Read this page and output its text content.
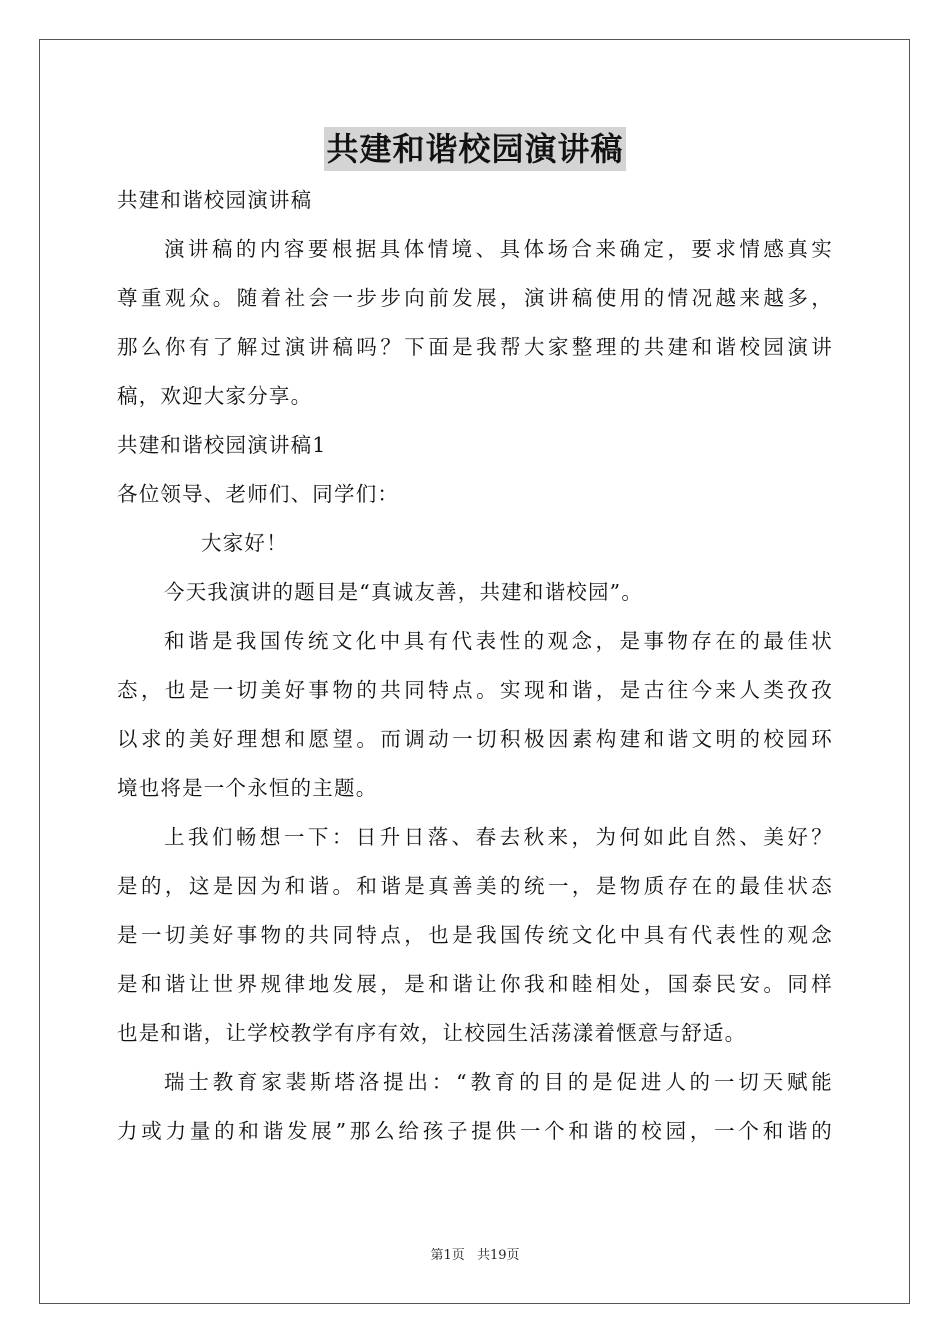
共建和谐校园演讲稿
共建和谐校园演讲稿
演讲稿的内容要根据具体情境、具体场合来确定，要求情感真实
尊重观众。随着社会一步步向前发展，演讲稿使用的情况越来越多，
那么你有了解过演讲稿吗？下面是我帮大家整理的共建和谐校园演讲
稿，欢迎大家分享。
共建和谐校园演讲稿1
各位领导、老师们、同学们：
大家好！
今天我演讲的题目是“真诚友善，共建和谐校园”。
和谐是我国传统文化中具有代表性的观念，是事物存在的最佳状
态，也是一切美好事物的共同特点。实现和谐，是古往今来人类孜孜
以求的美好理想和愿望。而调动一切积极因素构建和谐文明的校园环
境也将是一个永恒的主题。
上我们畅想一下：日升日落、春去秋来，为何如此自然、美好？
是的，这是因为和谐。和谐是真善美的统一，是物质存在的最佳状态
是一切美好事物的共同特点，也是我国传统文化中具有代表性的观念
是和谐让世界规律地发展，是和谐让你我和睦相处，国泰民安。同样
也是和谐，让学校教学有序有效，让校园生活荡漾着惬意与舒适。
瑞士教育家裴斯塔洛提出：“教育的目的是促进人的一切天赋能
力或力量的和谐发展”那么给孩子提供一个和谐的校园，一个和谐的
第1页 共19页
